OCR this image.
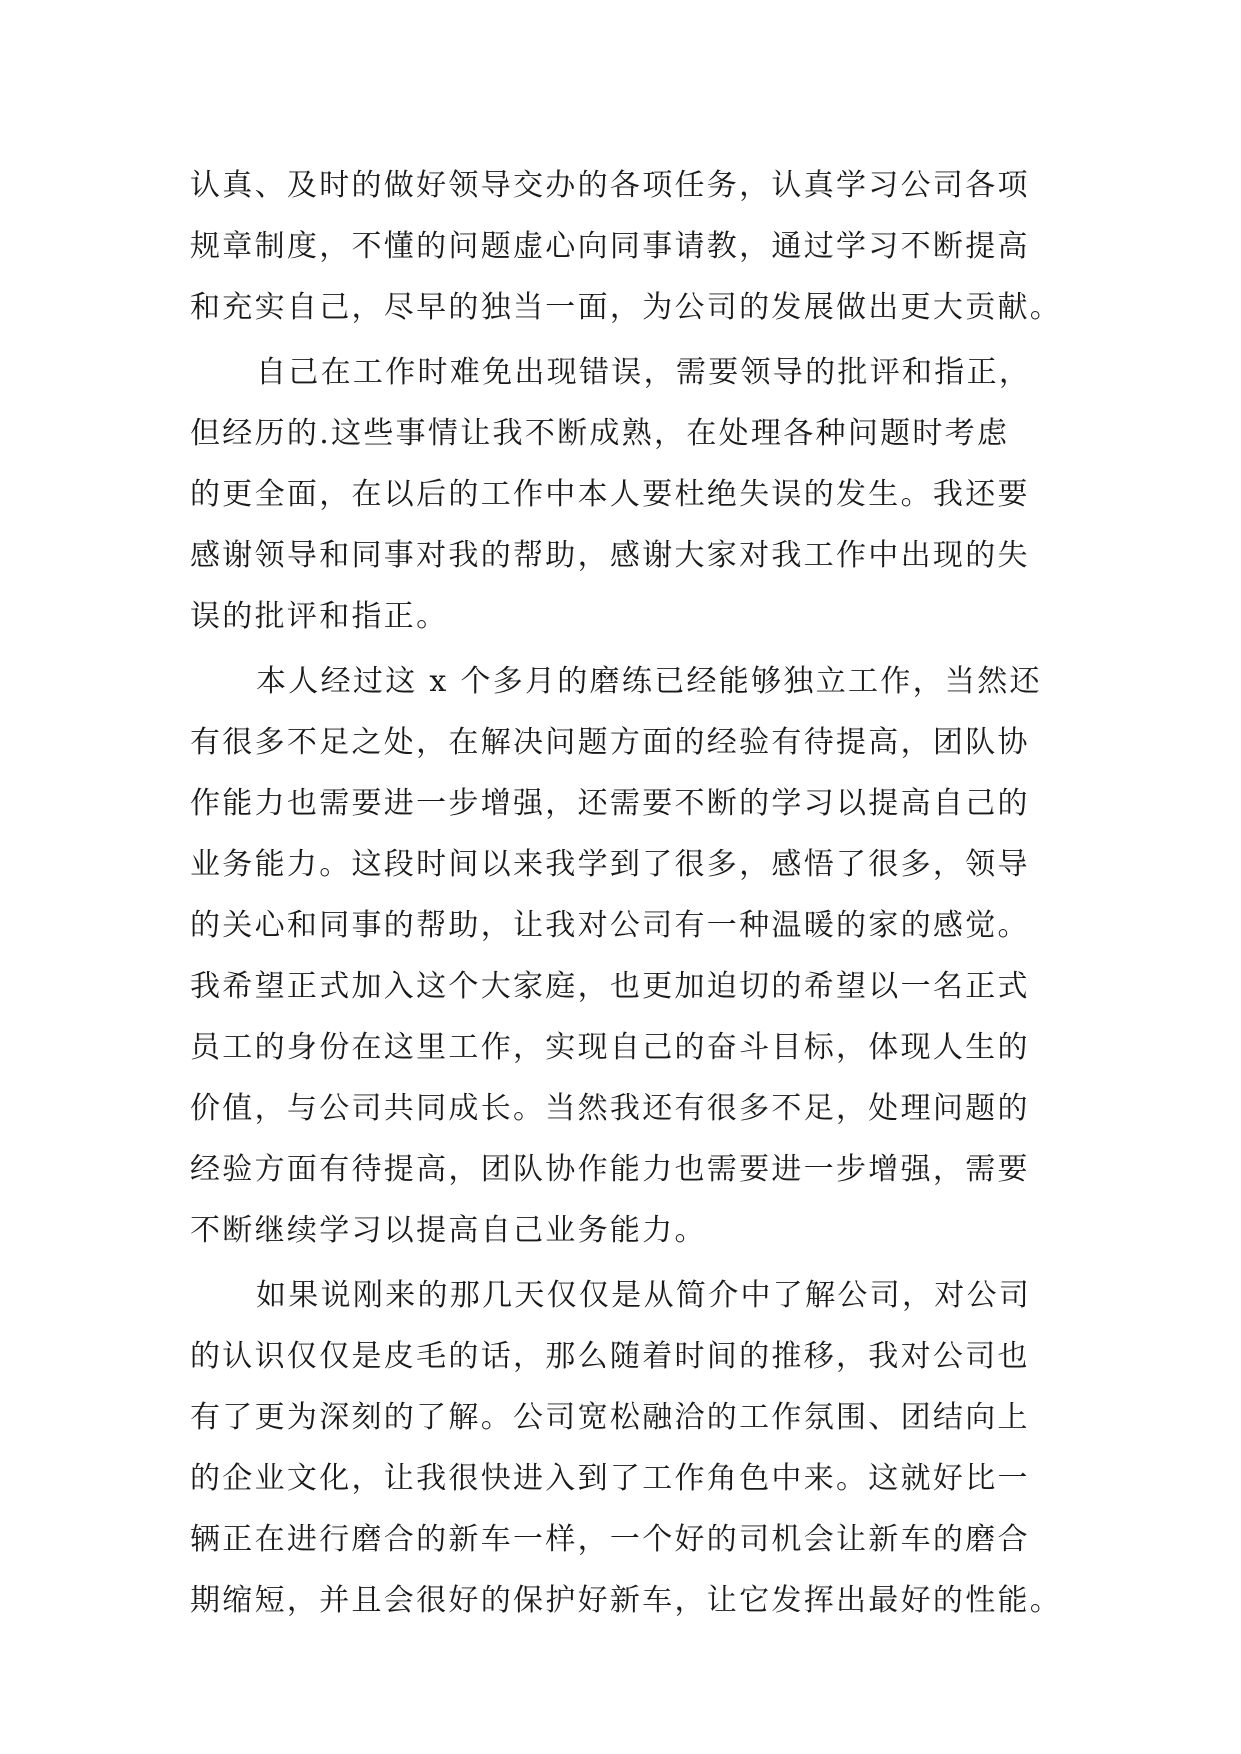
认真、及时的做好领导交办的各项任务，认真学习公司各项
规章制度，不懂的问题虚心向同事请教，通过学习不断提高
和充实自己，尽早的独当一面，为公司的发展做出更大贡献。

自己在工作时难免出现错误，需要领导的批评和指正，
但经历的.这些事情让我不断成熟，在处理各种问题时考虑
的更全面，在以后的工作中本人要杜绝失误的发生。我还要
感谢领导和同事对我的帮助，感谢大家对我工作中出现的失
误的批评和指正。

本人经过这 x 个多月的磨练已经能够独立工作，当然还
有很多不足之处，在解决问题方面的经验有待提高，团队协
作能力也需要进一步增强，还需要不断的学习以提高自己的
业务能力。这段时间以来我学到了很多，感悟了很多，领导
的关心和同事的帮助，让我对公司有一种温暖的家的感觉。
我希望正式加入这个大家庭，也更加迫切的希望以一名正式
员工的身份在这里工作，实现自己的奋斗目标，体现人生的
价值，与公司共同成长。当然我还有很多不足，处理问题的
经验方面有待提高，团队协作能力也需要进一步增强，需要
不断继续学习以提高自己业务能力。

如果说刚来的那几天仅仅是从简介中了解公司，对公司
的认识仅仅是皮毛的话，那么随着时间的推移，我对公司也
有了更为深刻的了解。公司宽松融洽的工作氛围、团结向上
的企业文化，让我很快进入到了工作角色中来。这就好比一
辆正在进行磨合的新车一样，一个好的司机会让新车的磨合
期缩短，并且会很好的保护好新车，让它发挥出最好的性能。
